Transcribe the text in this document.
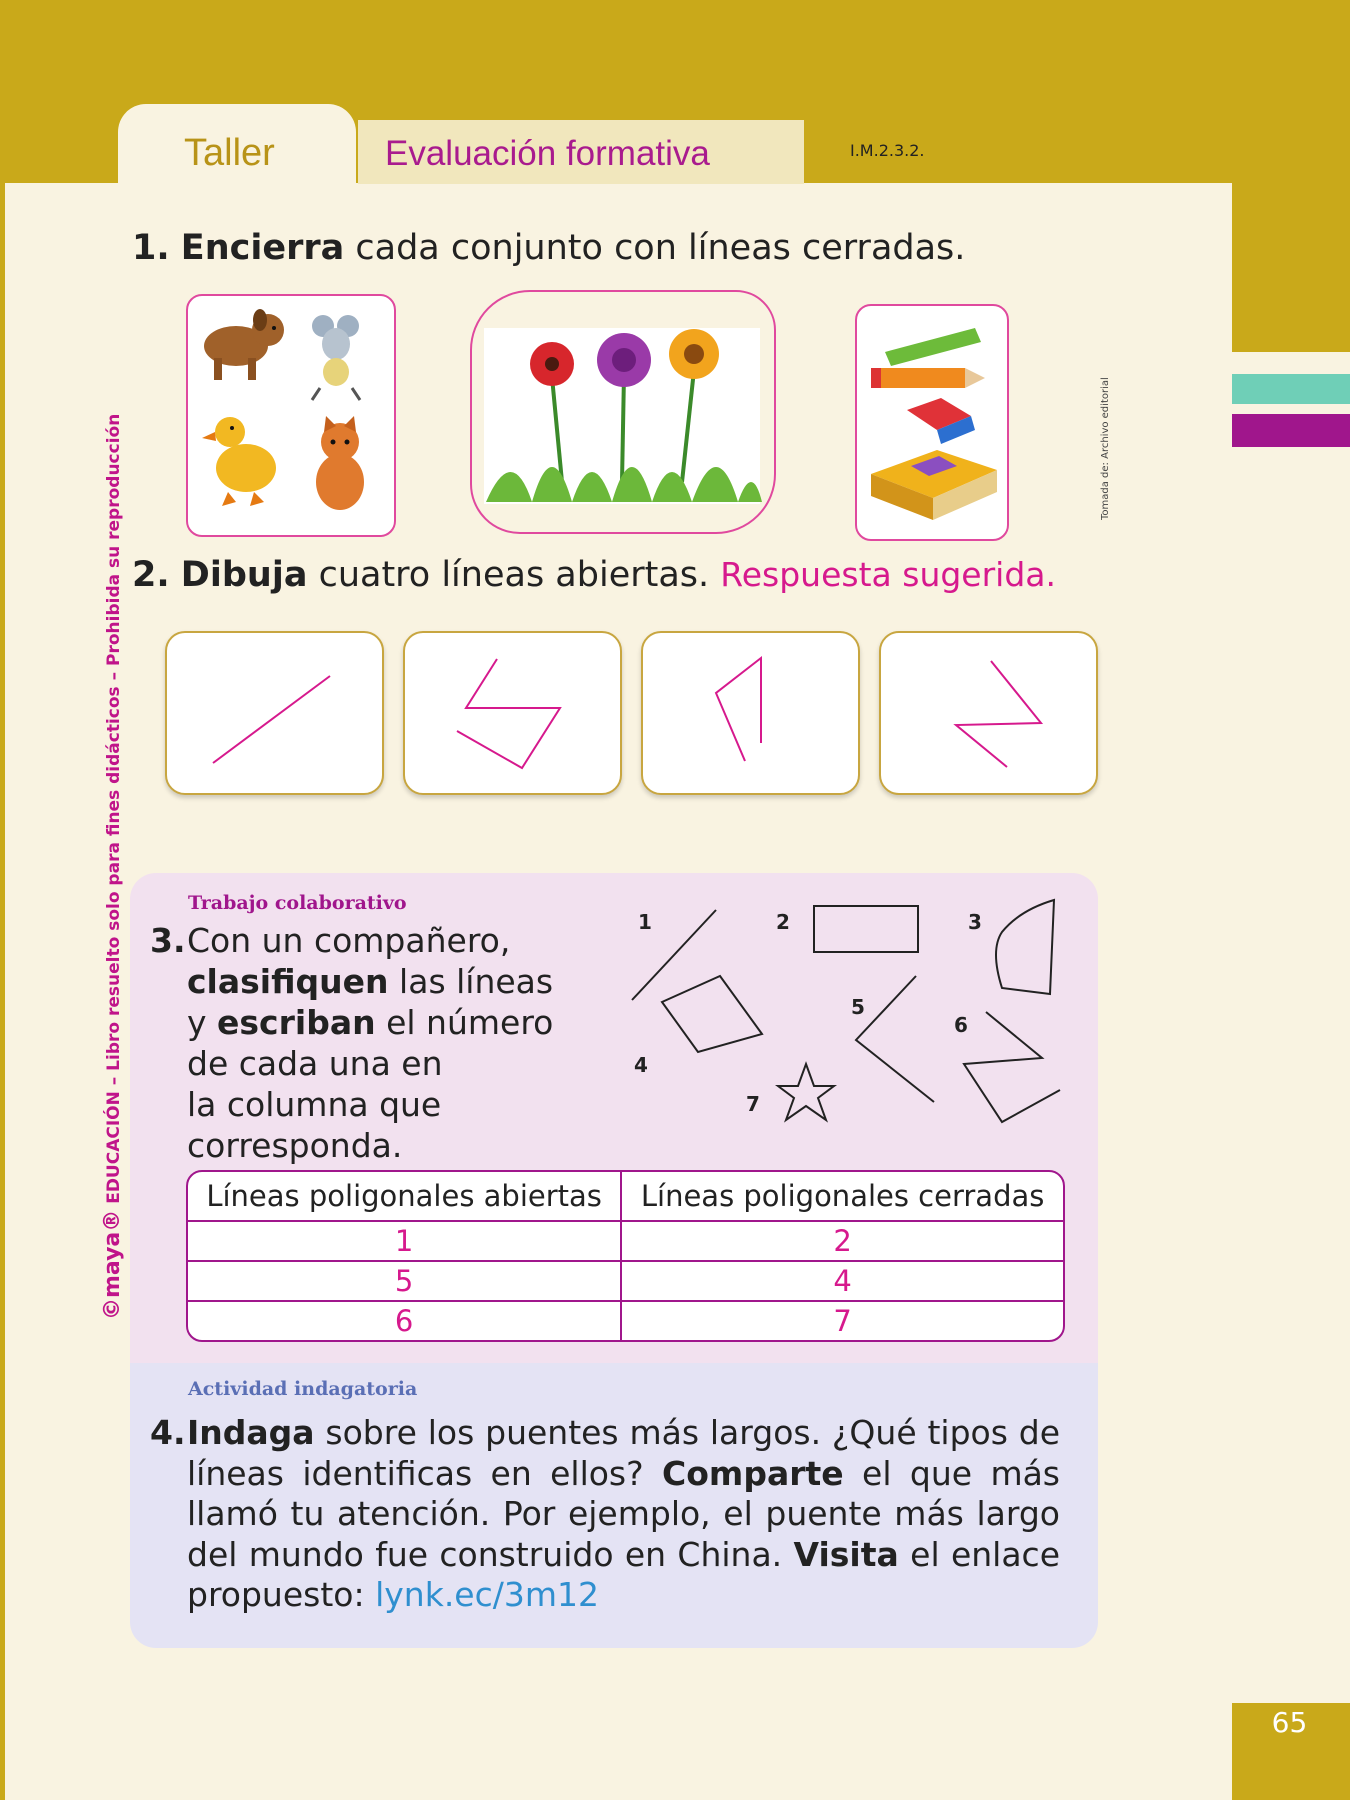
65
Taller	Evaluación formativa	I.M.2.3.2.
©maya® EDUCACIÓN – Libro resuelto solo para fines didácticos – Prohibida su reproducción	Tomada de: Archivo editorial
1. Encierra cada conjunto con líneas cerradas.
2. Dibuja cuatro líneas abiertas. Respuesta sugerida.
Trabajo colaborativo
3. Con un compañero,
clasifiquen las líneas
y escriban el número
de cada una en
la columna que
corresponda.
1	2	3
4
5
6
7
Líneas poligonales abiertas	Líneas poligonales cerradas
1	2
5	4
6	7
Actividad indagatoria
4. Indaga sobre los puentes más largos. ¿Qué tipos de líneas identificas en ellos? Comparte el que más llamó tu atención. Por ejemplo, el puente más largo del mundo fue construido en China. Visita el enlace propuesto: lynk.ec/3m12
